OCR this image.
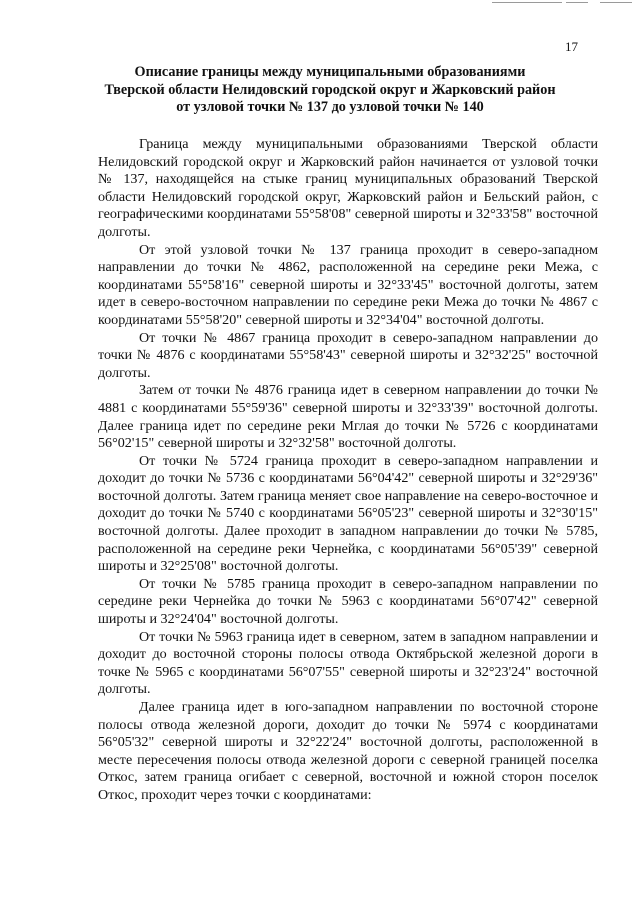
17
Описание границы между муниципальными образованиями
Тверской области Нелидовский городской округ и Жарковский район
от узловой точки № 137 до узловой точки № 140

Граница между муниципальными образованиями Тверской области Нелидовский городской округ и Жарковский район начинается от узловой точки № 137, находящейся на стыке границ муниципальных образований Тверской области Нелидовский городской округ, Жарковский район и Бельский район, с географическими координатами 55°58'08" северной широты и 32°33'58" восточной долготы.

От этой узловой точки № 137 граница проходит в северо-западном направлении до точки № 4862, расположенной на середине реки Межа, с координатами 55°58'16" северной широты и 32°33'45" восточной долготы, затем идет в северо-восточном направлении по середине реки Межа до точки № 4867 с координатами 55°58'20" северной широты и 32°34'04" восточной долготы.

От точки № 4867 граница проходит в северо-западном направлении до точки № 4876 с координатами 55°58'43" северной широты и 32°32'25" восточной долготы.

Затем от точки № 4876 граница идет в северном направлении до точки № 4881 с координатами 55°59'36" северной широты и 32°33'39" восточной долготы. Далее граница идет по середине реки Мглая до точки № 5726 с координатами 56°02'15" северной широты и 32°32'58" восточной долготы.

От точки № 5724 граница проходит в северо-западном направлении и доходит до точки № 5736 с координатами 56°04'42" северной широты и 32°29'36" восточной долготы. Затем граница меняет свое направление на северо-восточное и доходит до точки № 5740 с координатами 56°05'23" северной широты и 32°30'15" восточной долготы. Далее проходит в западном направлении до точки № 5785, расположенной на середине реки Чернейка, с координатами 56°05'39" северной широты и 32°25'08" восточной долготы.

От точки № 5785 граница проходит в северо-западном направлении по середине реки Чернейка до точки № 5963 с координатами 56°07'42" северной широты и 32°24'04" восточной долготы.

От точки № 5963 граница идет в северном, затем в западном направлении и доходит до восточной стороны полосы отвода Октябрьской железной дороги в точке № 5965 с координатами 56°07'55" северной широты и 32°23'24" восточной долготы.

Далее граница идет в юго-западном направлении по восточной стороне полосы отвода железной дороги, доходит до точки № 5974 с координатами 56°05'32" северной широты и 32°22'24" восточной долготы, расположенной в месте пересечения полосы отвода железной дороги с северной границей поселка Откос, затем граница огибает с северной, восточной и южной сторон поселок Откос, проходит через точки с координатами:
